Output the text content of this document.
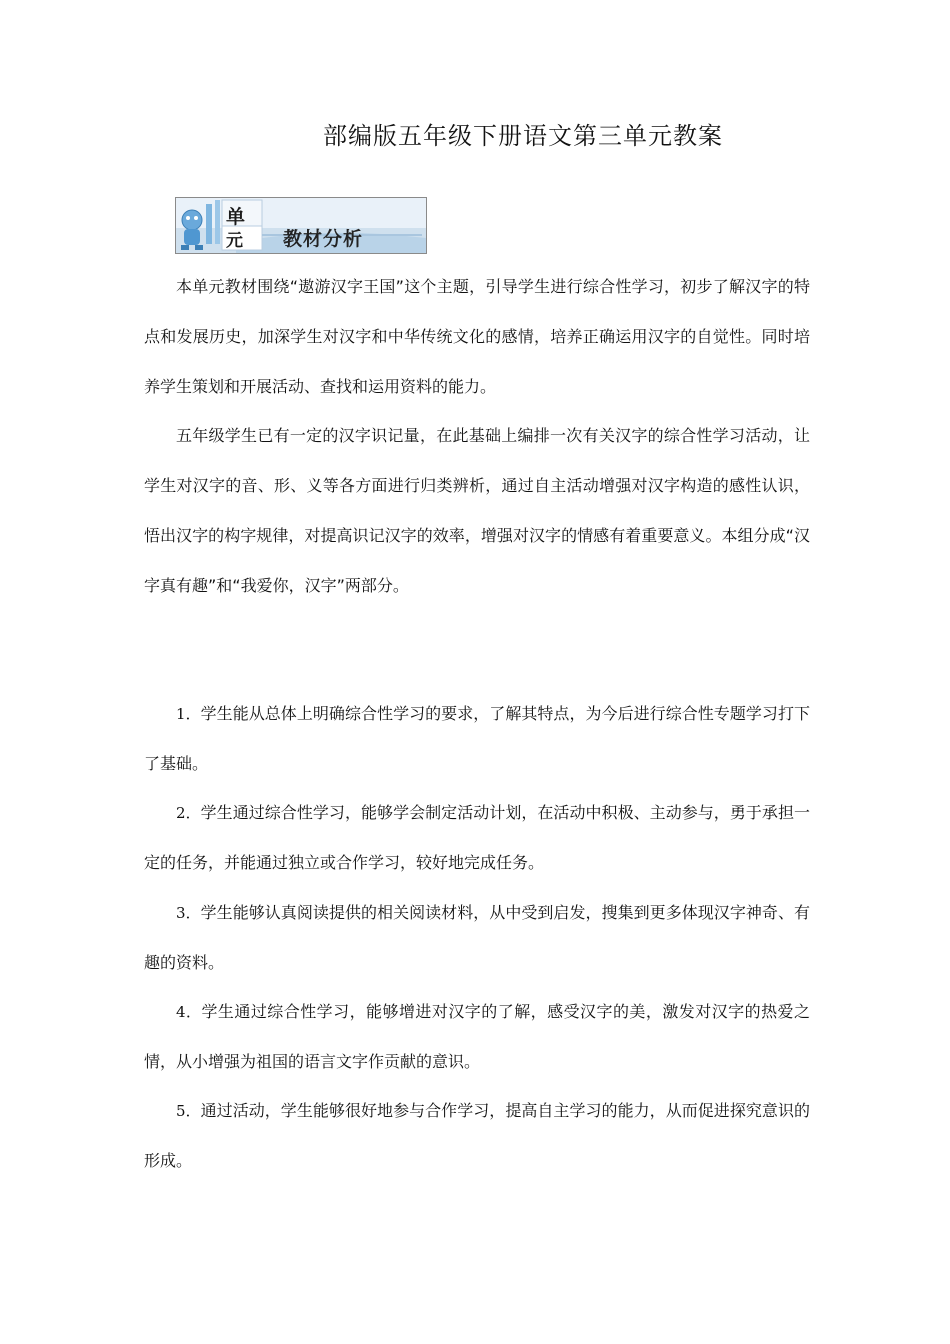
部编版五年级下册语文第三单元教案
单
元 教材分析

本单元教材围绕“遨游汉字王国”这个主题，引导学生进行综合性学习，初步了解汉字的特点和发展历史，加深学生对汉字和中华传统文化的感情，培养正确运用汉字的自觉性。同时培养学生策划和开展活动、查找和运用资料的能力。

五年级学生已有一定的汉字识记量，在此基础上编排一次有关汉字的综合性学习活动，让学生对汉字的音、形、义等各方面进行归类辨析，通过自主活动增强对汉字构造的感性认识，悟出汉字的构字规律，对提高识记汉字的效率，增强对汉字的情感有着重要意义。本组分成“汉字真有趣”和“我爱你，汉字”两部分。

1．学生能从总体上明确综合性学习的要求，了解其特点，为今后进行综合性专题学习打下了基础。

2．学生通过综合性学习，能够学会制定活动计划，在活动中积极、主动参与，勇于承担一定的任务，并能通过独立或合作学习，较好地完成任务。

3．学生能够认真阅读提供的相关阅读材料，从中受到启发，搜集到更多体现汉字神奇、有趣的资料。

4．学生通过综合性学习，能够增进对汉字的了解，感受汉字的美，激发对汉字的热爱之情，从小增强为祖国的语言文字作贡献的意识。

5．通过活动，学生能够很好地参与合作学习，提高自主学习的能力，从而促进探究意识的形成。
